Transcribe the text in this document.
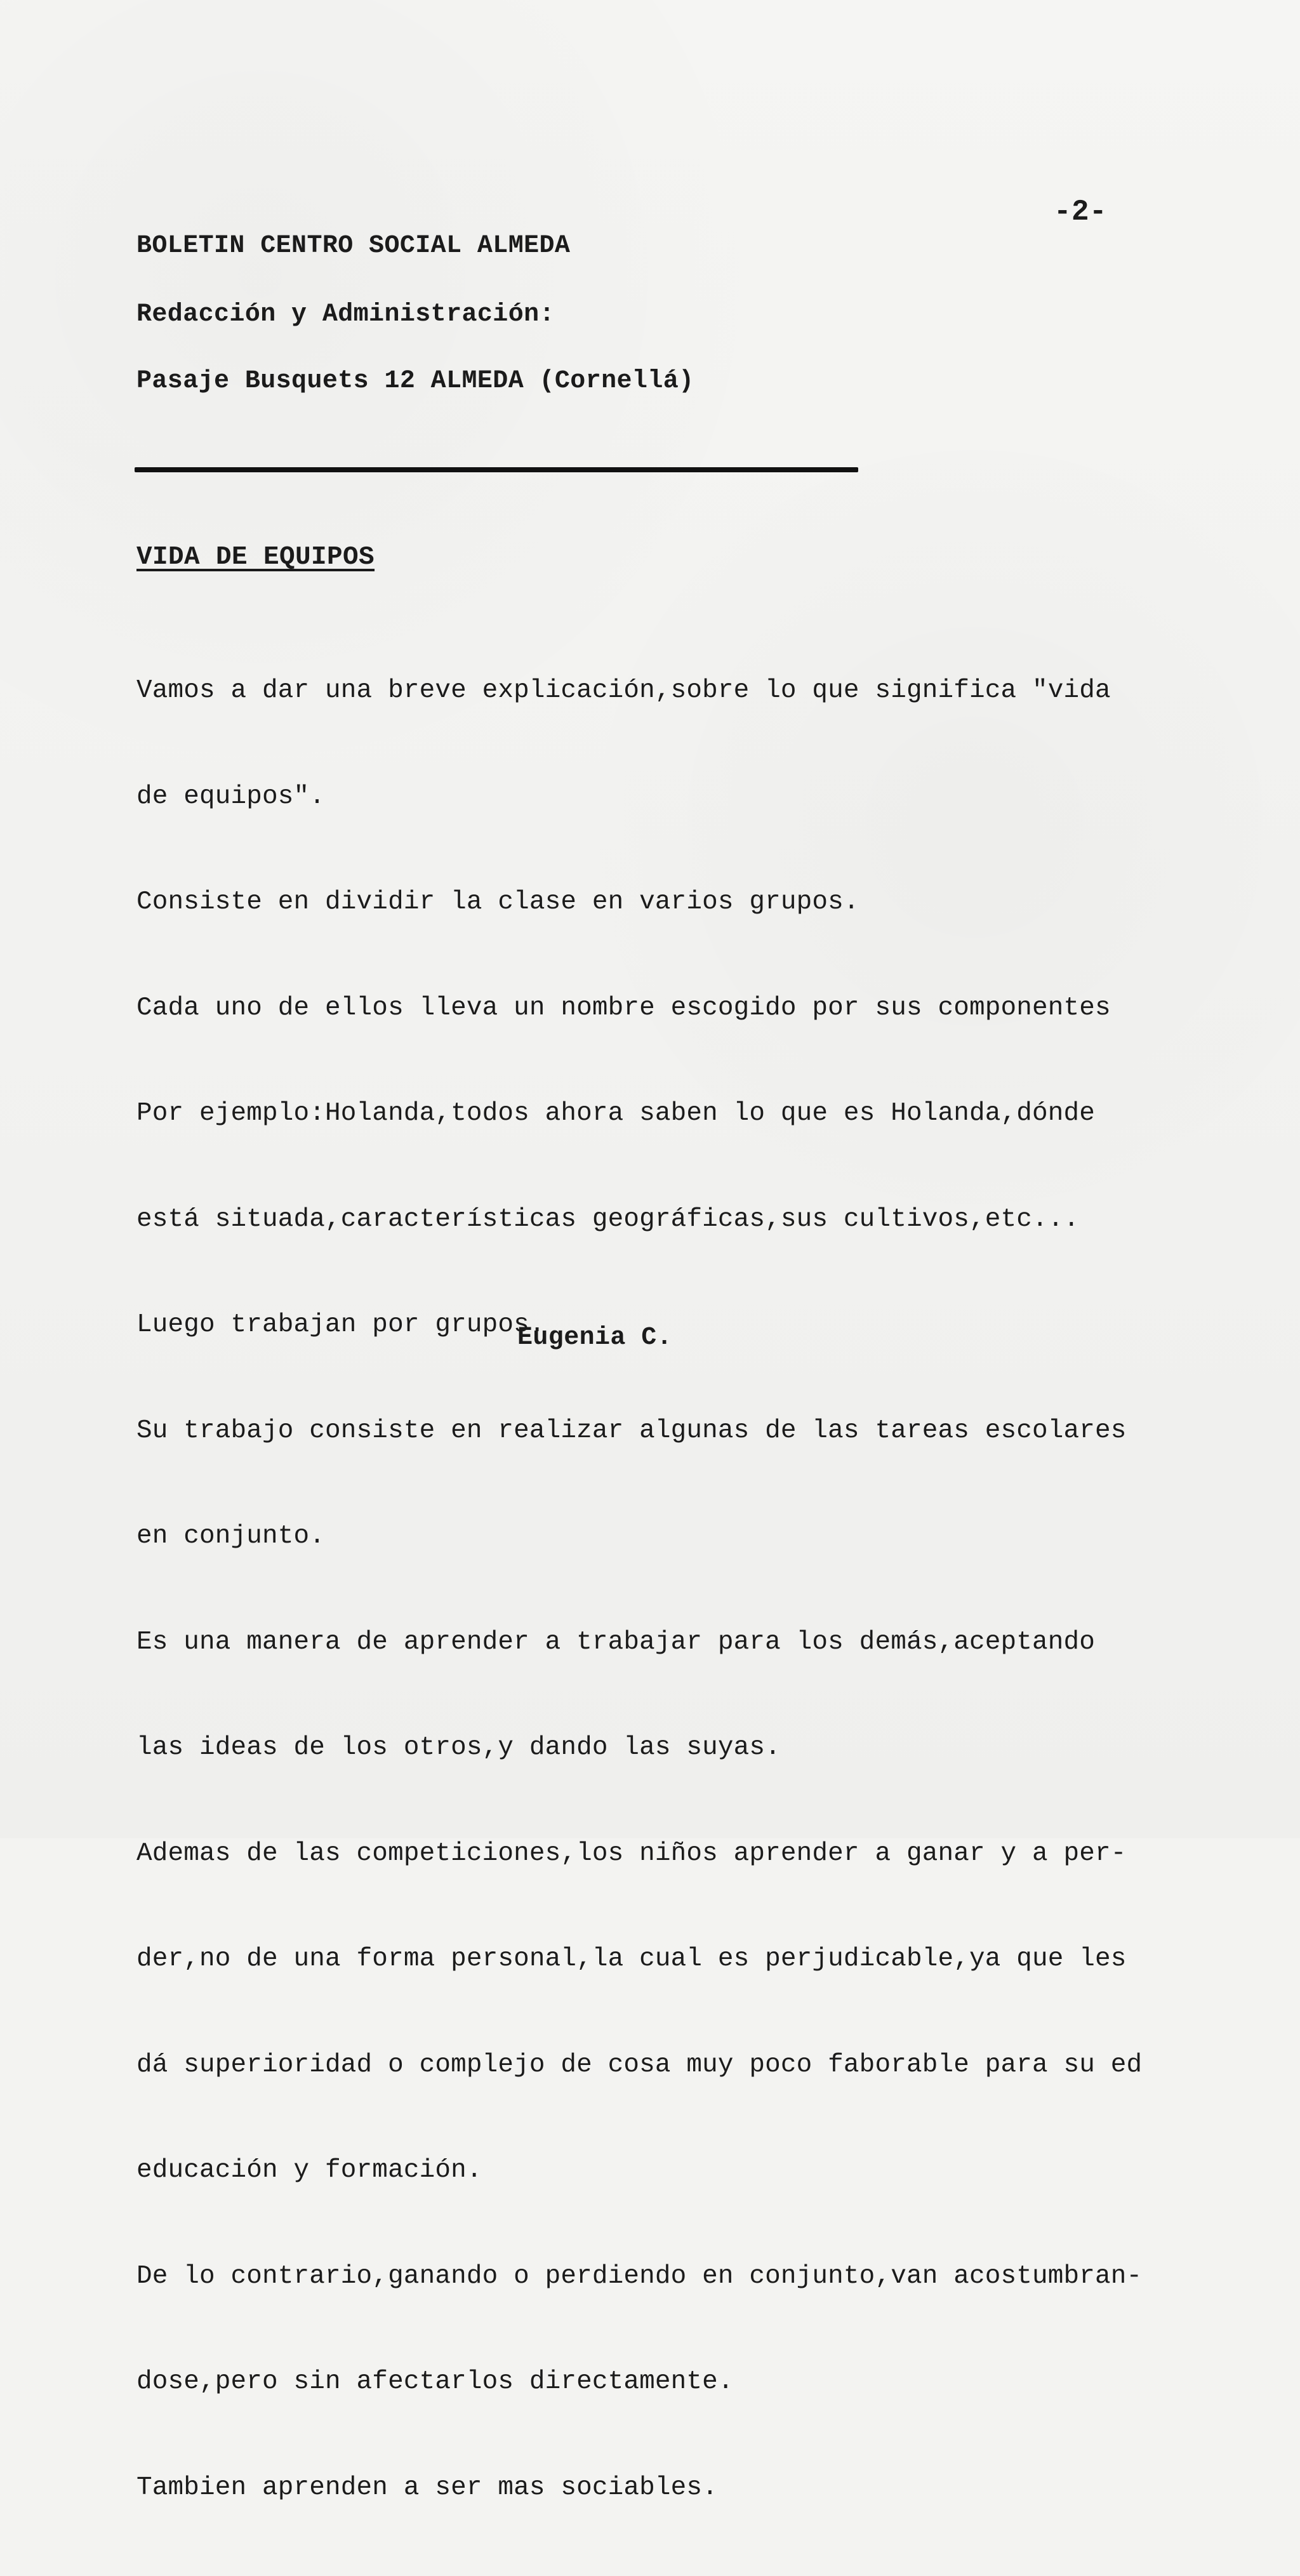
-2-
BOLETIN CENTRO SOCIAL ALMEDA
Redacción y Administración:
Pasaje Busquets 12 ALMEDA (Cornellá)
VIDA DE EQUIPOS

Vamos a dar una breve explicación,sobre lo que significa "vida

de equipos".

Consiste en dividir la clase en varios grupos.

Cada uno de ellos lleva un nombre escogido por sus componentes

Por ejemplo:Holanda,todos ahora saben lo que es Holanda,dónde

está situada,características geográficas,sus cultivos,etc...

Luego trabajan por grupos.

Su trabajo consiste en realizar algunas de las tareas escolares

en conjunto.

Es una manera de aprender a trabajar para los demás,aceptando

las ideas de los otros,y dando las suyas.

Ademas de las competiciones,los niños aprender a ganar y a per-

der,no de una forma personal,la cual es perjudicable,ya que les

dá superioridad o complejo de cosa muy poco faborable para su ed

educación y formación.

De lo contrario,ganando o perdiendo en conjunto,van acostumbran-

dose,pero sin afectarlos directamente.

Tambien aprenden a ser mas sociables.

Eugenia C.
